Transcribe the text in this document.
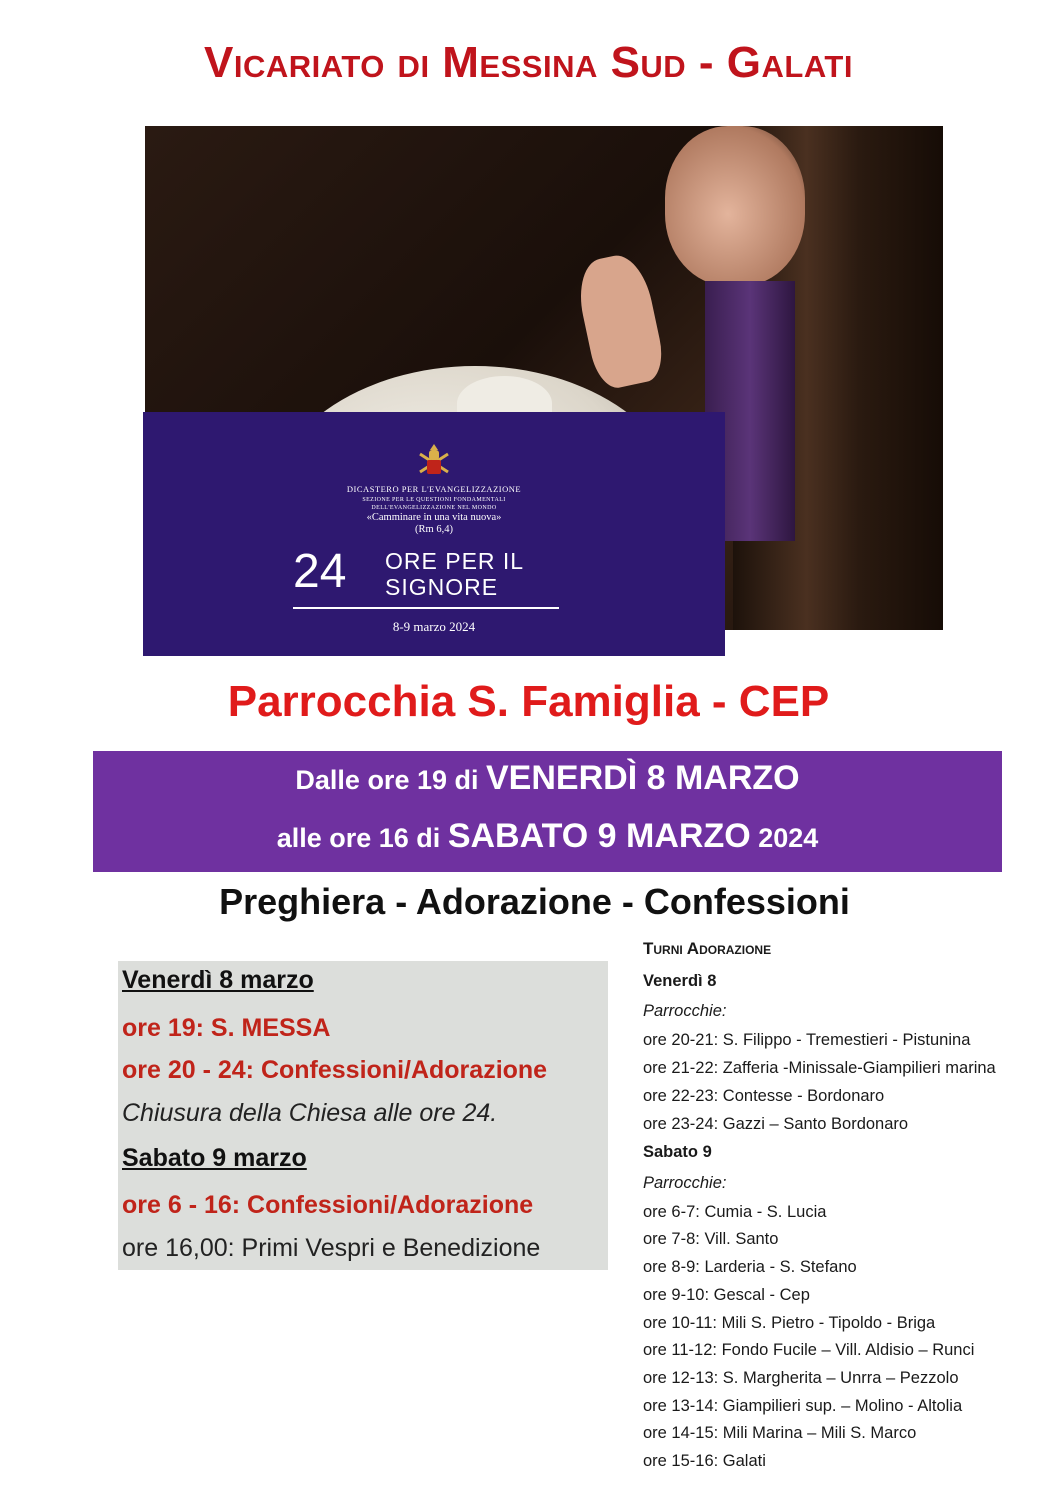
Vicariato di Messina Sud - Galati
DICASTERO PER L'EVANGELIZZAZIONE
SEZIONE PER LE QUESTIONI FONDAMENTALI
DELL'EVANGELIZZAZIONE NEL MONDO
«Camminare in una vita nuova»
(Rm 6,4)
24 ORE PER IL
SIGNORE
8-9 marzo 2024
Parrocchia S. Famiglia - CEP
Dalle ore 19 di VENERDÌ 8 MARZO
alle ore 16 di SABATO 9 MARZO 2024
Preghiera - Adorazione - Confessioni
Venerdì 8 marzo
ore 19: S. MESSA
ore 20 - 24: Confessioni/Adorazione
Chiusura della Chiesa alle ore 24.
Sabato 9 marzo
ore 6 - 16: Confessioni/Adorazione
ore 16,00: Primi Vespri e Benedizione
Turni Adorazione
Venerdì 8
Parrocchie:
ore 20-21: S. Filippo - Tremestieri - Pistunina
ore 21-22: Zafferia -Minissale-Giampilieri marina
ore 22-23: Contesse - Bordonaro
ore 23-24: Gazzi – Santo Bordonaro
Sabato 9
Parrocchie:
ore 6-7: Cumia - S. Lucia
ore 7-8: Vill. Santo
ore 8-9: Larderia - S. Stefano
ore 9-10: Gescal - Cep
ore 10-11: Mili S. Pietro - Tipoldo - Briga
ore 11-12: Fondo Fucile – Vill. Aldisio – Runci
ore 12-13: S. Margherita – Unrra – Pezzolo
ore 13-14: Giampilieri sup. – Molino - Altolia
ore 14-15: Mili Marina – Mili S. Marco
ore 15-16: Galati
